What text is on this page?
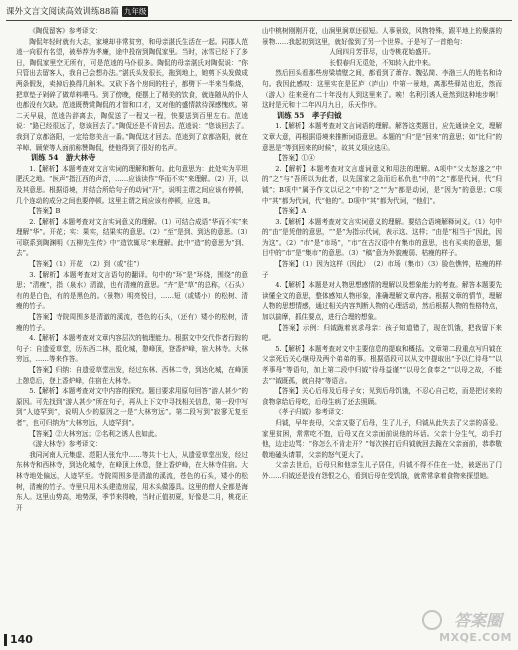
课外文言文阅读高效训练88篇 九年级

《陶侃留客》参考译文：

陶侃年轻时就有大志，家境却非常贫穷，和母亲湛氏生活在一起。同郡人范逵一向很有名望，被举荐为孝廉，途中投宿到陶侃家里。当时，冰雪已经下了多日，陶侃家里空无所有，可是范逵的马仆很多。陶侃的母亲湛氏对陶侃说：“你只管出去留客人，我自己会想办法。”湛氏头发很长，拖到地上，她剪下头发做成两条假发，卖掉后换得几斛米。又砍下各个房间的柱子，都劈下一半来当柴烧，把草垫子剁碎了做草料喂马。到了傍晚，便摆上了精美的饮食，就连随从的仆人也都没有欠缺。范逵既赞赏陶侃的才智和口才，又对他的盛情款待深感愧疚。第二天早晨，范逵告辞离去，陶侃送了一程又一程，快要送到百里左右。范逵说：“路已经很远了，您该回去了。”陶侃还是不肯回去。范逵说：“您该回去了。我到了京都洛阳，一定给您美言一番。”陶侃这才回去。范逵到了京都洛阳，就在羊晫、顾荣等人面前称赞陶侃，使他得到了很好的名声。

训练 54　游大林寺

1.【解析】本题考查对文言实词的理解和断句。此句意思为：此处实为平坦肥沃之地。“医声”指江西的声音，……应该读作“华而不实”来理解。（2）开，以及其意思。根据语境，并结合所给句子的动词“开”，说明主谓之间应该有停顿，几个连动的成分之间也要停顿。这里主谓之间应该有停顿，应选 B。

【答案】B

2.【解析】本题考查对文言实词意义的理解。（1）可结合成语“华而不实”来理解“华”。开花；实：果实，结果实的意思。（2）“至”是到、到达的意思。（3）可联系到陶渊明《五柳先生传》中“造饮辄尽”来理解。此中“造”的意思为“到、去”。

【答案】（1）开花　（2）到（或“往”）

3.【解析】本题考查对文言语句的翻译。句中的“环”是“环绕，围绕”的意思；“清瘦”，指（泉水）清澈，也有清瘦的意思。“卉”是“草”的总称，（石头）有的是白色，有的是黑色的。（景物）明亮悦目，……短（或矮小）的松树、清瘦的竹子。

【答案】寺院周围多是清澈的溪流，苍色的石头，（还有）矮小的松树，清瘦的竹子。

4.【解析】本题考查对文章内容层次的梳理能力。根据文中交代作者行踪的句子：自遗爱草堂，历东西二林，抵化城，憩峰顶，登香炉峰，宿大林寺。大林穷远，……等来作答。

【答案】归纳：自遗爱草堂出发，经过东林、西林二寺，到达化城，在峰顶上憩息后，登上香炉峰，住宿在大林寺。

5.【解析】本题考查对文中内容的探究。题目要求用原句回答“游人甚少”的原因。可先找到“游人甚少”所在句子，再从上下文中寻找相关信息，第一段中写到“人迹罕到”，说明人少的原因之一是“大林穷远”。第二段写到“寂寥无复至者”，也可归纳为“大林穷远，人迹罕到”。

【答案】②大林穷远；②名利之诱人也如此。

《游大林寺》参考译文：

我同河南人元集虚、范阳人张允中……等共十七人，从遗爱草堂出发，经过东林寺和西林寺，到达化城寺，在峰顶上休息，登上香炉峰，在大林寺住宿。大林寺地处偏远，人迹罕至。寺院周围多是清澈的溪流，苍色的石头，矮小的松树，清瘦的竹子。寺里只用木头建造房屋，用木头做器具。这里的僧人全都是海东人。这里山势高，地势深，季节来得晚，当时正值初夏，好像是二月，桃花正开

山中桃树刚刚开花，山涧里涧草还很短。人事景致，风物特殊，跟平地上的聚落的景物……我起初到这里，就好像到了另一个世界。于是写了一首绝句：

人间四月芳菲尽，山寺桃花始盛开。

长恨春归无觅处，不知转入此中来。

然后回头看那些房梁墙壁之间，都看到了萧存、魏弘简、李渤三人的姓名和诗句。我因此感叹：这里实在是匡庐（庐山）中第一景地，离那些驿站也近，然而（游人）往来竟有二十年没有人到这里来了。唉！名利引诱人竟然到这种地步啊！这时是元和十二年四月九日，乐天作序。

训练 55　孝子归钺

1.【解析】本题考查对文言词语的理解。解答这类题目，应先通读全文，理解文章大意，再根据语境来推断词语意思。本题的“归”是“回来”的意思；如“比归”的意思是“等到回来的时候”，故其义项应选④。

【答案】①④

2.【解析】本题考查对文言虚词意义和用法的理解。A项中“父太怒遂之”中的“之”与“吾所以为此者，以先国家之急而后私仇也”中的“之”都是代词，代“归钺”；B项中“属予作文以记之”中的“之”“为”都是动词，是“因为”的意思；C项中“其”都为代词，代“他的”。D项中“其”都为代词，“他们”。

【答案】A

3.【解析】本题考查对文言实词意义的理解。要结合语境解释词义。（1）句中的“由”是凭借的意思，““是”为指示代词，表示这、这样；“由是”相当于“因此，因为这”。（2）“市”是“市场”，“市”在古汉语中有集市的意思，也有买卖的意思，题目中的“市”是“集市”的意思。（3）“稿”意为外貌瘦弱、枯瘦的样子。

【答案】（1）因为这样（因此）　（2）市场（集市）（3）脸色憔悴，枯瘦的样子

4.【解析】本题是对人物思想感情的理解以及想象能力的考查。解答本题要先读懂全文的意思，整体感知人物形象，准确理解文章内容。根据文章的情节，理解人物的思想情感，通过相关内容判断人物的心理活动，然后根据人物的性格特点，加以揣摩，抓住要点，进行合理的想象。

【答案】示例：归钺跪着哀求母亲：孩子知道错了，现在饥饿，把我留下来吧。

5.【解析】本题考查对文中主要信息的提取和概括。文章第二段重点写归钺在父亲死后关心继母及两个弟弟的事。根据语段可以从文中提取出“予以仁待母”“以孝事母”等语句，加上第二段中归钺“待母益谨”“以母乞食奉之”“以母之故，不能去”“钺既孤，就自持”等语言。

【答案】关心后母及后母子女；见到后母饥饿，不忍心自己吃，而是把讨来的食物拿给后母吃，后母生病了还去照顾。

《孝子归钺》参考译文：

归钺，早年丧母，父亲又娶了后母，生了儿子，归钺从此失去了父亲的喜爱。家里贫困，常常吃不饱，后母又在父亲面前说他的坏话。父亲十分生气，动手打他，边走边骂：“你怎么不肯走开？”每次挨打后归钺就回去跪在父亲面前，恭恭敬敬地磕头请罪，父亲的怒气更大了。

父亲去世后，后母只和他亲生儿子居住，归钺不得不住在一处，被逐出了门外……归钺还是没有怨恨之心，看到后母在受饥饿，就常常拿着食物来探望她。

140
答案圈
MXQE.COM
